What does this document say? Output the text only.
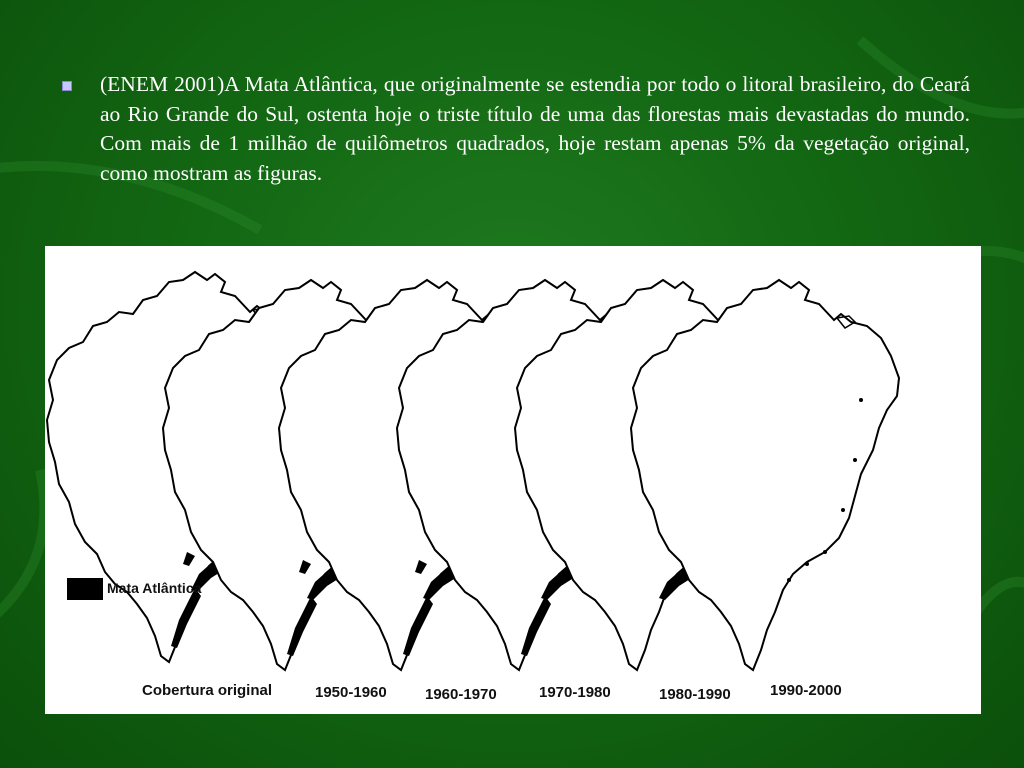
(ENEM 2001)A Mata Atlântica, que originalmente se estendia por todo o litoral brasileiro, do Ceará ao Rio Grande do Sul, ostenta hoje o triste título de uma das florestas mais devastadas do mundo. Com mais de 1 milhão de quilômetros quadrados, hoje restam apenas 5% da vegetação original, como mostram as figuras.

Mata Atlântica
Cobertura original	1950-1960	1960-1970	1970-1980	1980-1990	1990-2000
